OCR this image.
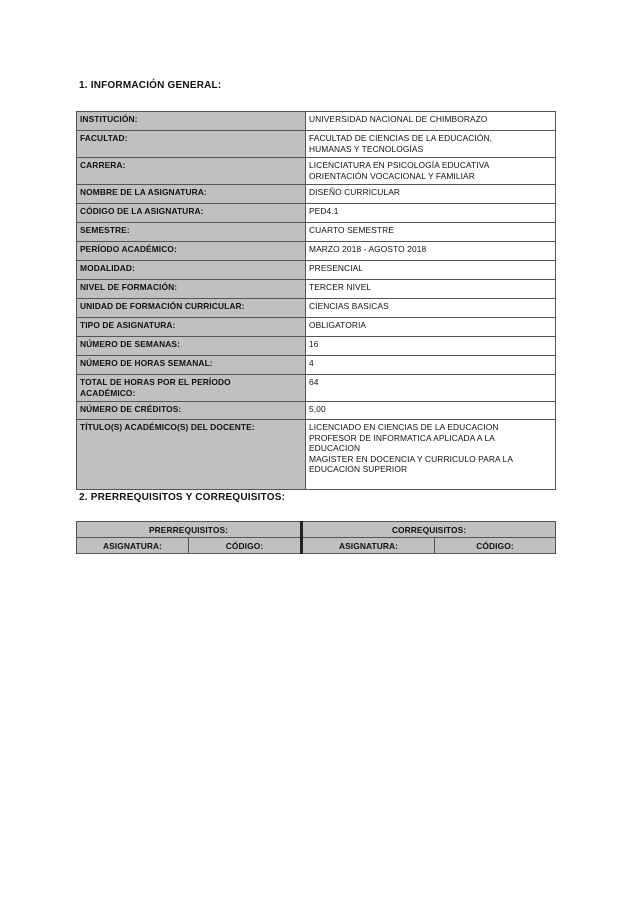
1. INFORMACIÓN GENERAL:
INSTITUCIÓN:	UNIVERSIDAD NACIONAL DE CHIMBORAZO
FACULTAD:	FACULTAD DE CIENCIAS DE LA EDUCACIÓN,
HUMANAS Y TECNOLOGÍAS
CARRERA:	LICENCIATURA EN PSICOLOGÍA EDUCATIVA
ORIENTACIÓN VOCACIONAL Y FAMILIAR
NOMBRE DE LA ASIGNATURA:	DISEÑO CURRICULAR
CÓDIGO DE LA ASIGNATURA:	PED4.1
SEMESTRE:	CUARTO SEMESTRE
PERÍODO ACADÉMICO:	MARZO 2018 - AGOSTO 2018
MODALIDAD:	PRESENCIAL
NIVEL DE FORMACIÓN:	TERCER NIVEL
UNIDAD DE FORMACIÓN CURRICULAR:	CIENCIAS BASICAS
TIPO DE ASIGNATURA:	OBLIGATORIA
NÚMERO DE SEMANAS:	16
NÚMERO DE HORAS SEMANAL:	4
TOTAL DE HORAS POR EL PERÍODO
ACADÉMICO:	64
NÚMERO DE CRÉDITOS:	5,00
TÍTULO(S) ACADÉMICO(S) DEL DOCENTE:	LICENCIADO EN CIENCIAS DE LA EDUCACION
PROFESOR DE INFORMATICA APLICADA A LA
EDUCACION
MAGISTER EN DOCENCIA Y CURRICULO PARA LA
EDUCACION SUPERIOR
2. PRERREQUISITOS Y CORREQUISITOS:
PRERREQUISITOS:		CORREQUISITOS:	
ASIGNATURA:	CÓDIGO:	ASIGNATURA:	CÓDIGO:
